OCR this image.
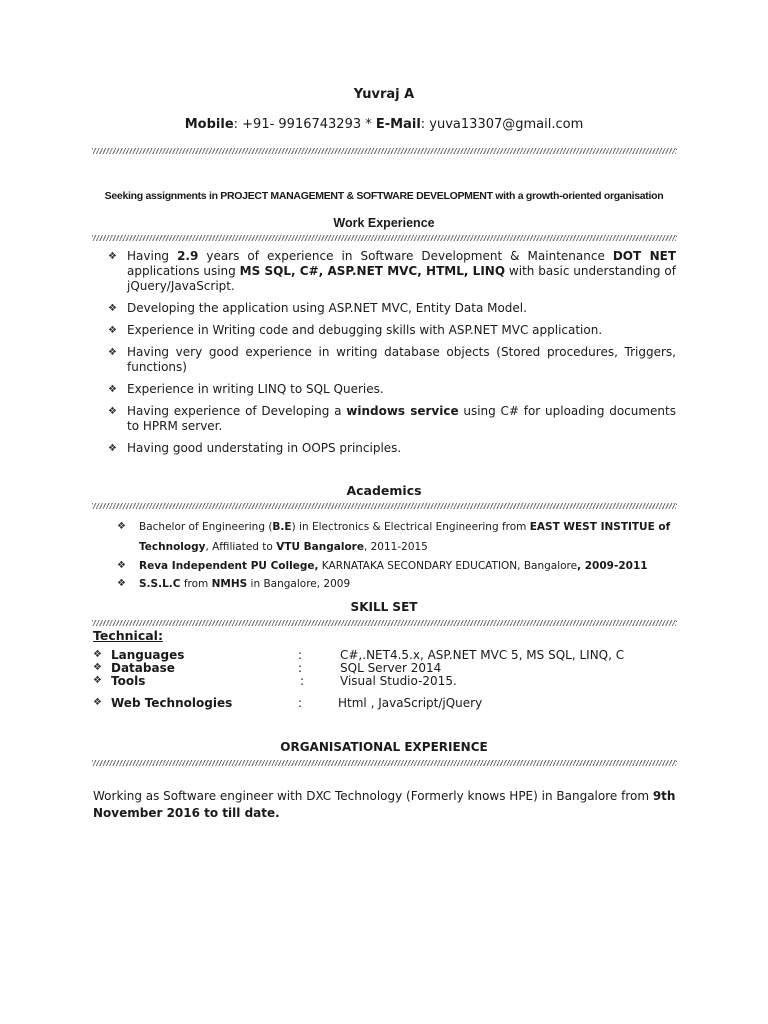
Yuvraj A
Mobile: +91- 9916743293 * E-Mail: yuva13307@gmail.com
.
Seeking assignments in PROJECT MANAGEMENT & SOFTWARE DEVELOPMENT with a growth-oriented organisation
Work Experience
.
❖ Having 2.9 years of experience in Software Development & Maintenance DOT NET applications using MS SQL, C#, ASP.NET MVC, HTML, LINQ with basic understanding of jQuery/JavaScript.
❖ Developing the application using ASP.NET MVC, Entity Data Model.
❖ Experience in Writing code and debugging skills with ASP.NET MVC application.
❖ Having very good experience in writing database objects (Stored procedures, Triggers, functions)
❖ Experience in writing LINQ to SQL Queries.
❖ Having experience of Developing a windows service using C# for uploading documents to HPRM server.
❖ Having good understating in OOPS principles.
Academics
.
❖ Bachelor of Engineering (B.E) in Electronics & Electrical Engineering from EAST WEST INSTITUE of Technology, Affiliated to VTU Bangalore, 2011-2015
❖ Reva Independent PU College, KARNATAKA SECONDARY EDUCATION, Bangalore, 2009-2011
❖ S.S.L.C from NMHS in Bangalore, 2009
SKILL SET
.
Technical:
❖ Languages	:	C#,.NET4.5.x, ASP.NET MVC 5, MS SQL, LINQ, C
❖ Database	:	SQL Server 2014
❖ Tools	:	Visual Studio-2015.
❖ Web Technologies	:	Html , JavaScript/jQuery
ORGANISATIONAL EXPERIENCE
.
Working as Software engineer with DXC Technology (Formerly knows HPE) in Bangalore from 9th November 2016 to till date.
